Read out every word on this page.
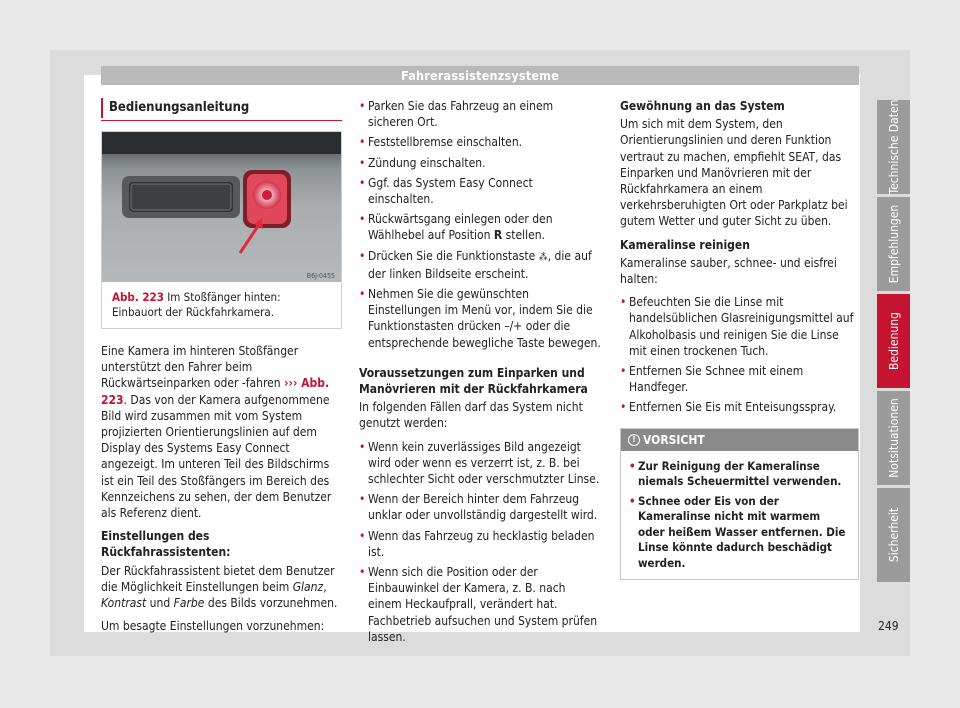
Fahrerassistenzsysteme
Bedienungsanleitung
B6J-0455
Abb. 223 Im Stoßfänger hinten: Einbauort der Rückfahrkamera.

Eine Kamera im hinteren Stoßfänger unterstützt den Fahrer beim Rückwärtseinparken oder -fahren ››› Abb. 223. Das von der Kamera aufgenommene Bild wird zusammen mit vom System projizierten Orientierungslinien auf dem Display des Systems Easy Connect angezeigt. Im unteren Teil des Bildschirms ist ein Teil des Stoßfängers im Bereich des Kennzeichens zu sehen, der dem Benutzer als Referenz dient.

Einstellungen des Rückfahrassistenten:

Der Rückfahrassistent bietet dem Benutzer die Möglichkeit Einstellungen beim Glanz, Kontrast und Farbe des Bilds vorzunehmen.

Um besagte Einstellungen vorzunehmen:

• Parken Sie das Fahrzeug an einem sicheren Ort.
• Feststellbremse einschalten.
• Zündung einschalten.
• Ggf. das System Easy Connect einschalten.
• Rückwärtsgang einlegen oder den Wählhebel auf Position R stellen.
• Drücken Sie die Funktionstaste ⁂, die auf der linken Bildseite erscheint.
• Nehmen Sie die gewünschten Einstellungen im Menü vor, indem Sie die Funktionstasten drücken –/+ oder die entsprechende bewegliche Taste bewegen.

Voraussetzungen zum Einparken und Manövrieren mit der Rückfahrkamera

In folgenden Fällen darf das System nicht genutzt werden:

• Wenn kein zuverlässiges Bild angezeigt wird oder wenn es verzerrt ist, z. B. bei schlechter Sicht oder verschmutzter Linse.
• Wenn der Bereich hinter dem Fahrzeug unklar oder unvollständig dargestellt wird.
• Wenn das Fahrzeug zu hecklastig beladen ist.
• Wenn sich die Position oder der Einbauwinkel der Kamera, z. B. nach einem Heckaufprall, verändert hat. Fachbetrieb aufsuchen und System prüfen lassen.

Gewöhnung an das System

Um sich mit dem System, den Orientierungslinien und deren Funktion vertraut zu machen, empfiehlt SEAT, das Einparken und Manövrieren mit der Rückfahrkamera an einem verkehrsberuhigten Ort oder Parkplatz bei gutem Wetter und guter Sicht zu üben.

Kameralinse reinigen

Kameralinse sauber, schnee- und eisfrei halten:

• Befeuchten Sie die Linse mit handelsüblichen Glasreinigungsmittel auf Alkoholbasis und reinigen Sie die Linse mit einen trockenen Tuch.
• Entfernen Sie Schnee mit einem Handfeger.
• Entfernen Sie Eis mit Enteisungsspray.
! VORSICHT
• Zur Reinigung der Kameralinse niemals Scheuermittel verwenden.
• Schnee oder Eis von der Kameralinse nicht mit warmem oder heißem Wasser entfernen. Die Linse könnte dadurch beschädigt werden.
Technische Daten
Empfehlungen
Bedienung
Notsituationen
Sicherheit
249
